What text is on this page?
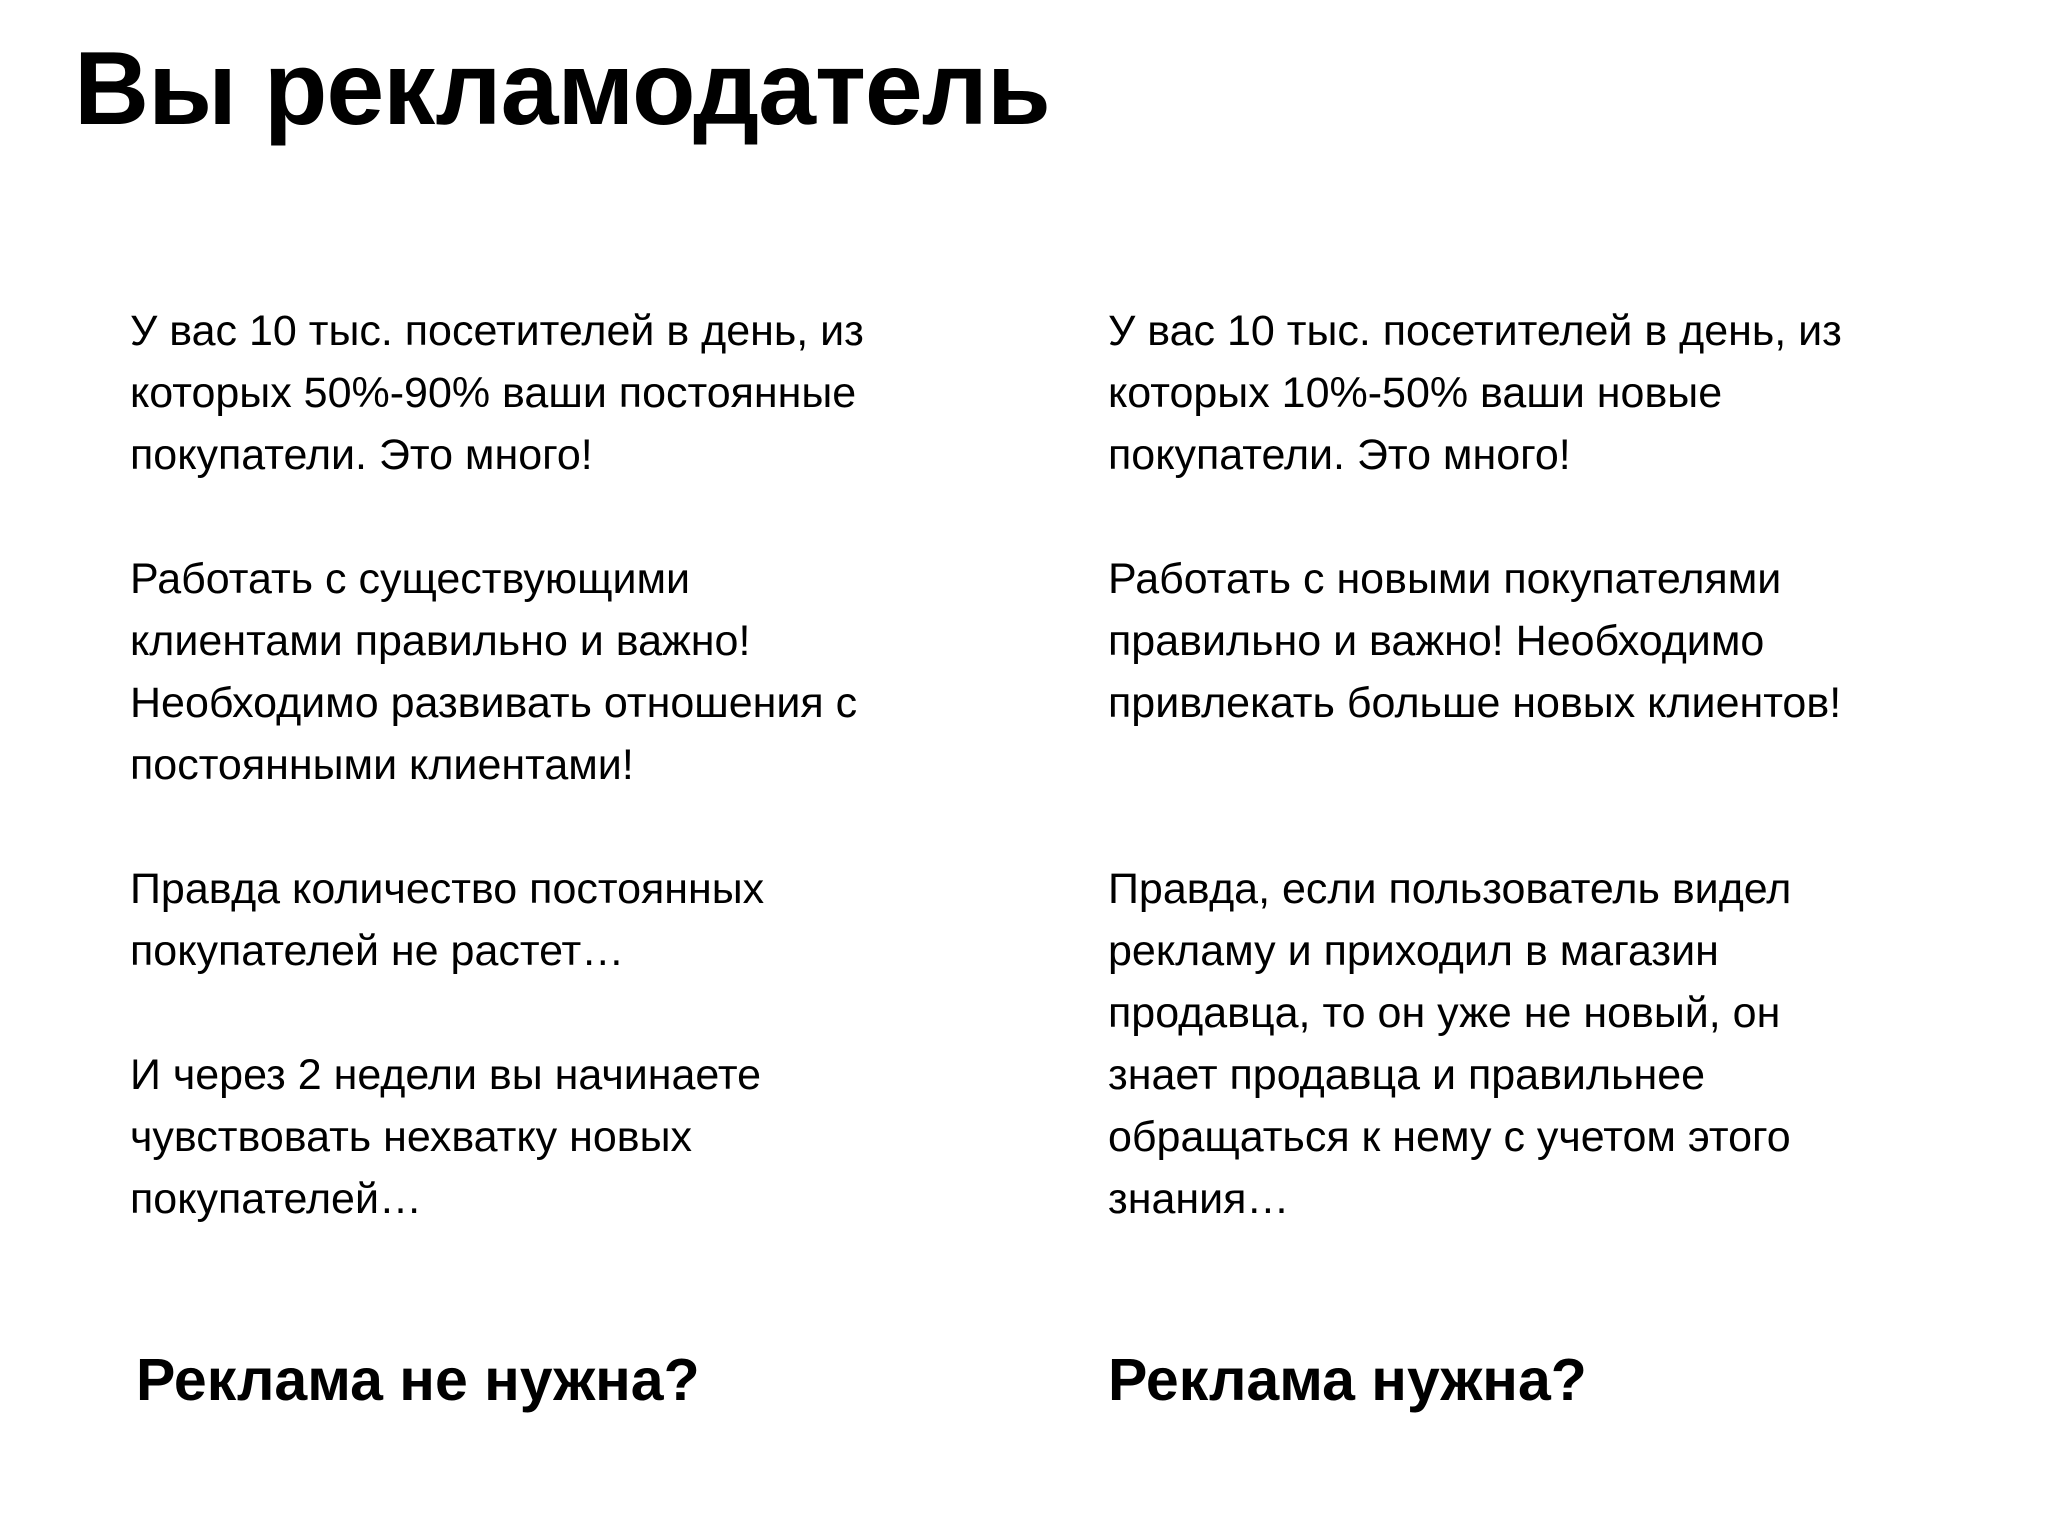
Вы рекламодатель

У вас 10 тыс. посетителей в день, из
которых 50%-90% ваши постоянные
покупатели. Это много!

Работать с существующими
клиентами правильно и важно!
Необходимо развивать отношения с
постоянными клиентами!

Правда количество постоянных
покупателей не растет…

И через 2 недели вы начинаете
чувствовать нехватку новых
покупателей…

У вас 10 тыс. посетителей в день, из
которых 10%-50% ваши новые
покупатели. Это много!

Работать с новыми покупателями
правильно и важно! Необходимо
привлекать больше новых клиентов!

Правда, если пользователь видел
рекламу и приходил в магазин
продавца, то он уже не новый, он
знает продавца и правильнее
обращаться к нему с учетом этого
знания…

Реклама не нужна?	Реклама нужна?
